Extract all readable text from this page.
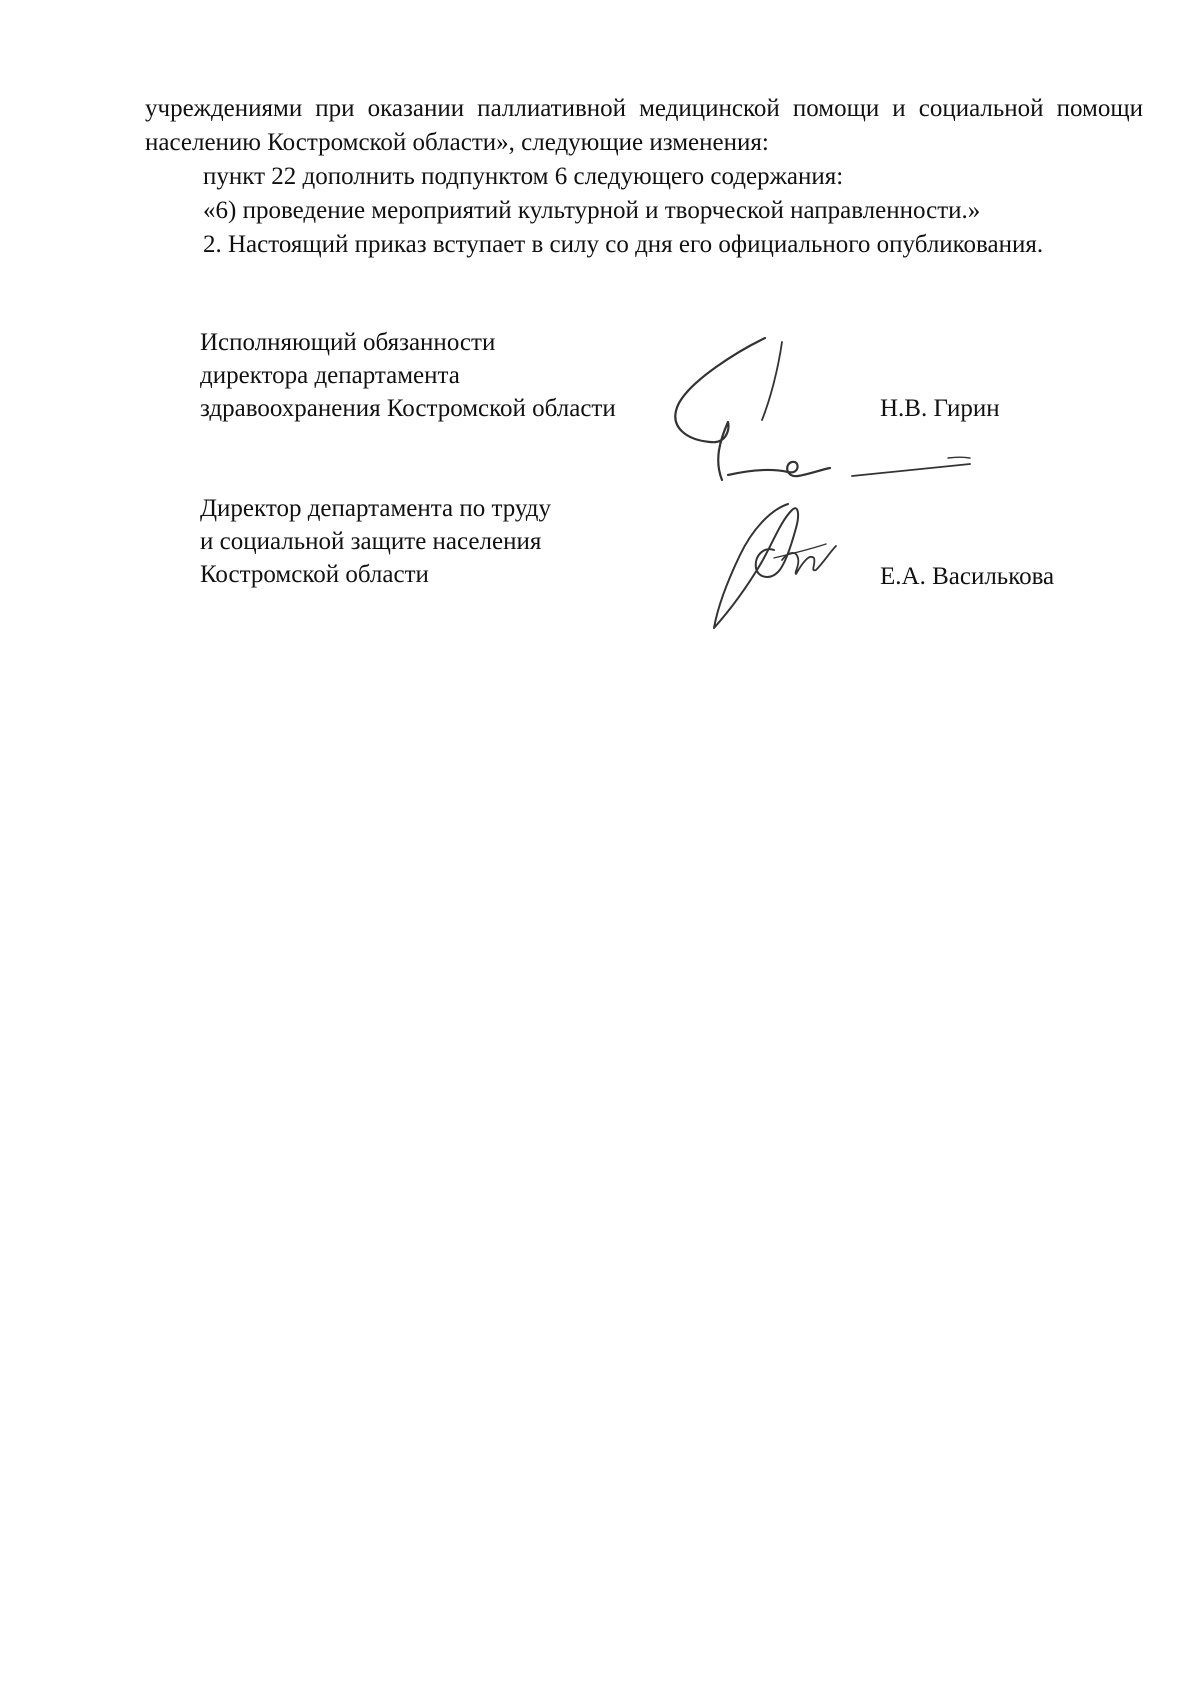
учреждениями при оказании паллиативной медицинской помощи и социальной помощи населению Костромской области», следующие изменения:

пункт 22 дополнить подпунктом 6 следующего содержания:

«6) проведение мероприятий культурной и творческой направленности.»

2. Настоящий приказ вступает в силу со дня его официального опубликования.

Исполняющий обязанности
директора департамента
здравоохранения Костромской области	Н.В. Гирин
Директор департамента по труду
и социальной защите населения
Костромской области	Е.А. Василькова
